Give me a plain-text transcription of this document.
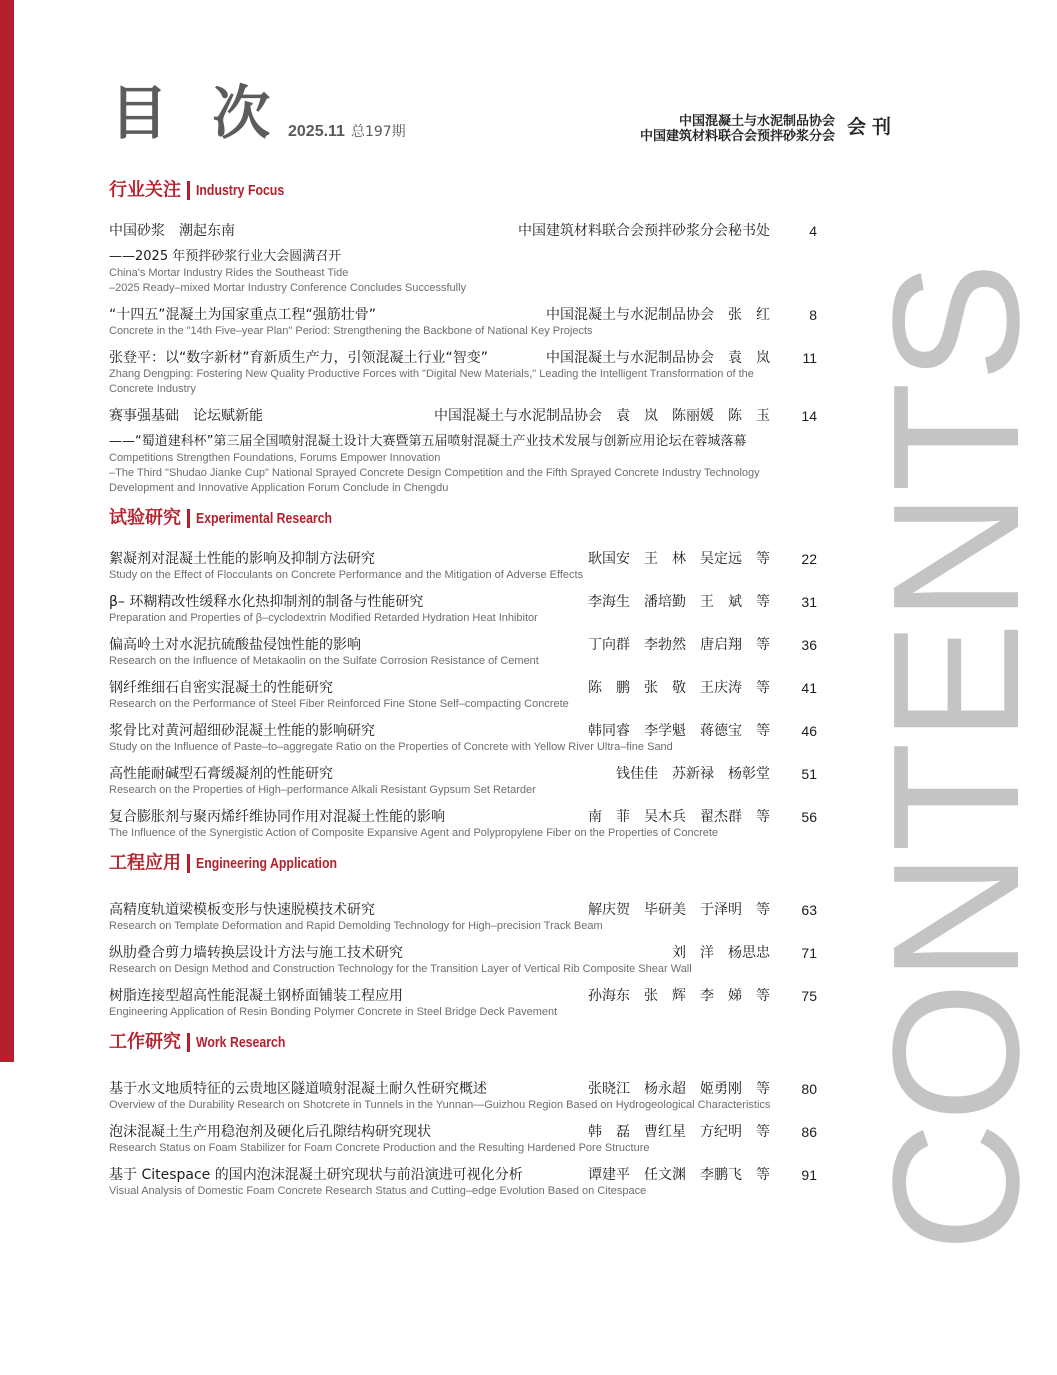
目 次 2025.11 总197期
中国混凝土与水泥制品协会
中国建筑材料联合会预拌砂浆分会 会刊
CONTENTS
行业关注 Industry Focus
中国砂浆　潮起东南	中国建筑材料联合会预拌砂浆分会秘书处	4
——2025 年预拌砂浆行业大会圆满召开
China's Mortar Industry Rides the Southeast Tide
–2025 Ready–mixed Mortar Industry Conference Concludes Successfully
“十四五”混凝土为国家重点工程“强筋壮骨”	中国混凝土与水泥制品协会　张　红	8
Concrete in the "14th Five–year Plan" Period: Strengthening the Backbone of National Key Projects
张登平：以“数字新材”育新质生产力，引领混凝土行业“智变”	中国混凝土与水泥制品协会　袁　岚 11
Zhang Dengping: Fostering New Quality Productive Forces with "Digital New Materials," Leading the Intelligent Transformation of the
Concrete Industry
赛事强基础　论坛赋新能	中国混凝土与水泥制品协会　袁　岚　陈丽媛　陈　玉 14
——“蜀道建科杯”第三届全国喷射混凝土设计大赛暨第五届喷射混凝土产业技术发展与创新应用论坛在蓉城落幕
Competitions Strengthen Foundations, Forums Empower Innovation
–The Third "Shudao Jianke Cup" National Sprayed Concrete Design Competition and the Fifth Sprayed Concrete Industry Technology
Development and Innovative Application Forum Conclude in Chengdu
试验研究 Experimental Research
絮凝剂对混凝土性能的影响及抑制方法研究	耿国安　王　林　吴定远　等 22
Study on the Effect of Flocculants on Concrete Performance and the Mitigation of Adverse Effects
β– 环糊精改性缓释水化热抑制剂的制备与性能研究	李海生　潘培勤　王　斌　等 31
Preparation and Properties of β–cyclodextrin Modified Retarded Hydration Heat Inhibitor
偏高岭土对水泥抗硫酸盐侵蚀性能的影响	丁向群　李勃然　唐启翔　等 36
Research on the Influence of Metakaolin on the Sulfate Corrosion Resistance of Cement
钢纤维细石自密实混凝土的性能研究	陈　鹏　张　敬　王庆涛　等 41
Research on the Performance of Steel Fiber Reinforced Fine Stone Self–compacting Concrete
浆骨比对黄河超细砂混凝土性能的影响研究	韩同睿　李学魁　蒋德宝　等 46
Study on the Influence of Paste–to–aggregate Ratio on the Properties of Concrete with Yellow River Ultra–fine Sand
高性能耐碱型石膏缓凝剂的性能研究	钱佳佳　苏新禄　杨彰堂 51
Research on the Properties of High–performance Alkali Resistant Gypsum Set Retarder
复合膨胀剂与聚丙烯纤维协同作用对混凝土性能的影响	南　菲　吴木兵　翟杰群　等 56
The Influence of the Synergistic Action of Composite Expansive Agent and Polypropylene Fiber on the Properties of Concrete
工程应用 Engineering Application
高精度轨道梁模板变形与快速脱模技术研究	解庆贺　毕研美　于泽明　等 63
Research on Template Deformation and Rapid Demolding Technology for High–precision Track Beam
纵肋叠合剪力墙转换层设计方法与施工技术研究	刘　洋　杨思忠 71
Research on Design Method and Construction Technology for the Transition Layer of Vertical Rib Composite Shear Wall
树脂连接型超高性能混凝土钢桥面铺装工程应用	孙海东　张　辉　李　娣　等 75
Engineering Application of Resin Bonding Polymer Concrete in Steel Bridge Deck Pavement
工作研究 Work Research
基于水文地质特征的云贵地区隧道喷射混凝土耐久性研究概述	张晓江　杨永超　姬勇刚　等 80
Overview of the Durability Research on Shotcrete in Tunnels in the Yunnan—Guizhou Region Based on Hydrogeological Characteristics
泡沫混凝土生产用稳泡剂及硬化后孔隙结构研究现状	韩　磊　曹红星　方纪明　等 86
Research Status on Foam Stabilizer for Foam Concrete Production and the Resulting Hardened Pore Structure
基于 Citespace 的国内泡沫混凝土研究现状与前沿演进可视化分析	谭建平　任文渊　李鹏飞　等 91
Visual Analysis of Domestic Foam Concrete Research Status and Cutting–edge Evolution Based on Citespace
